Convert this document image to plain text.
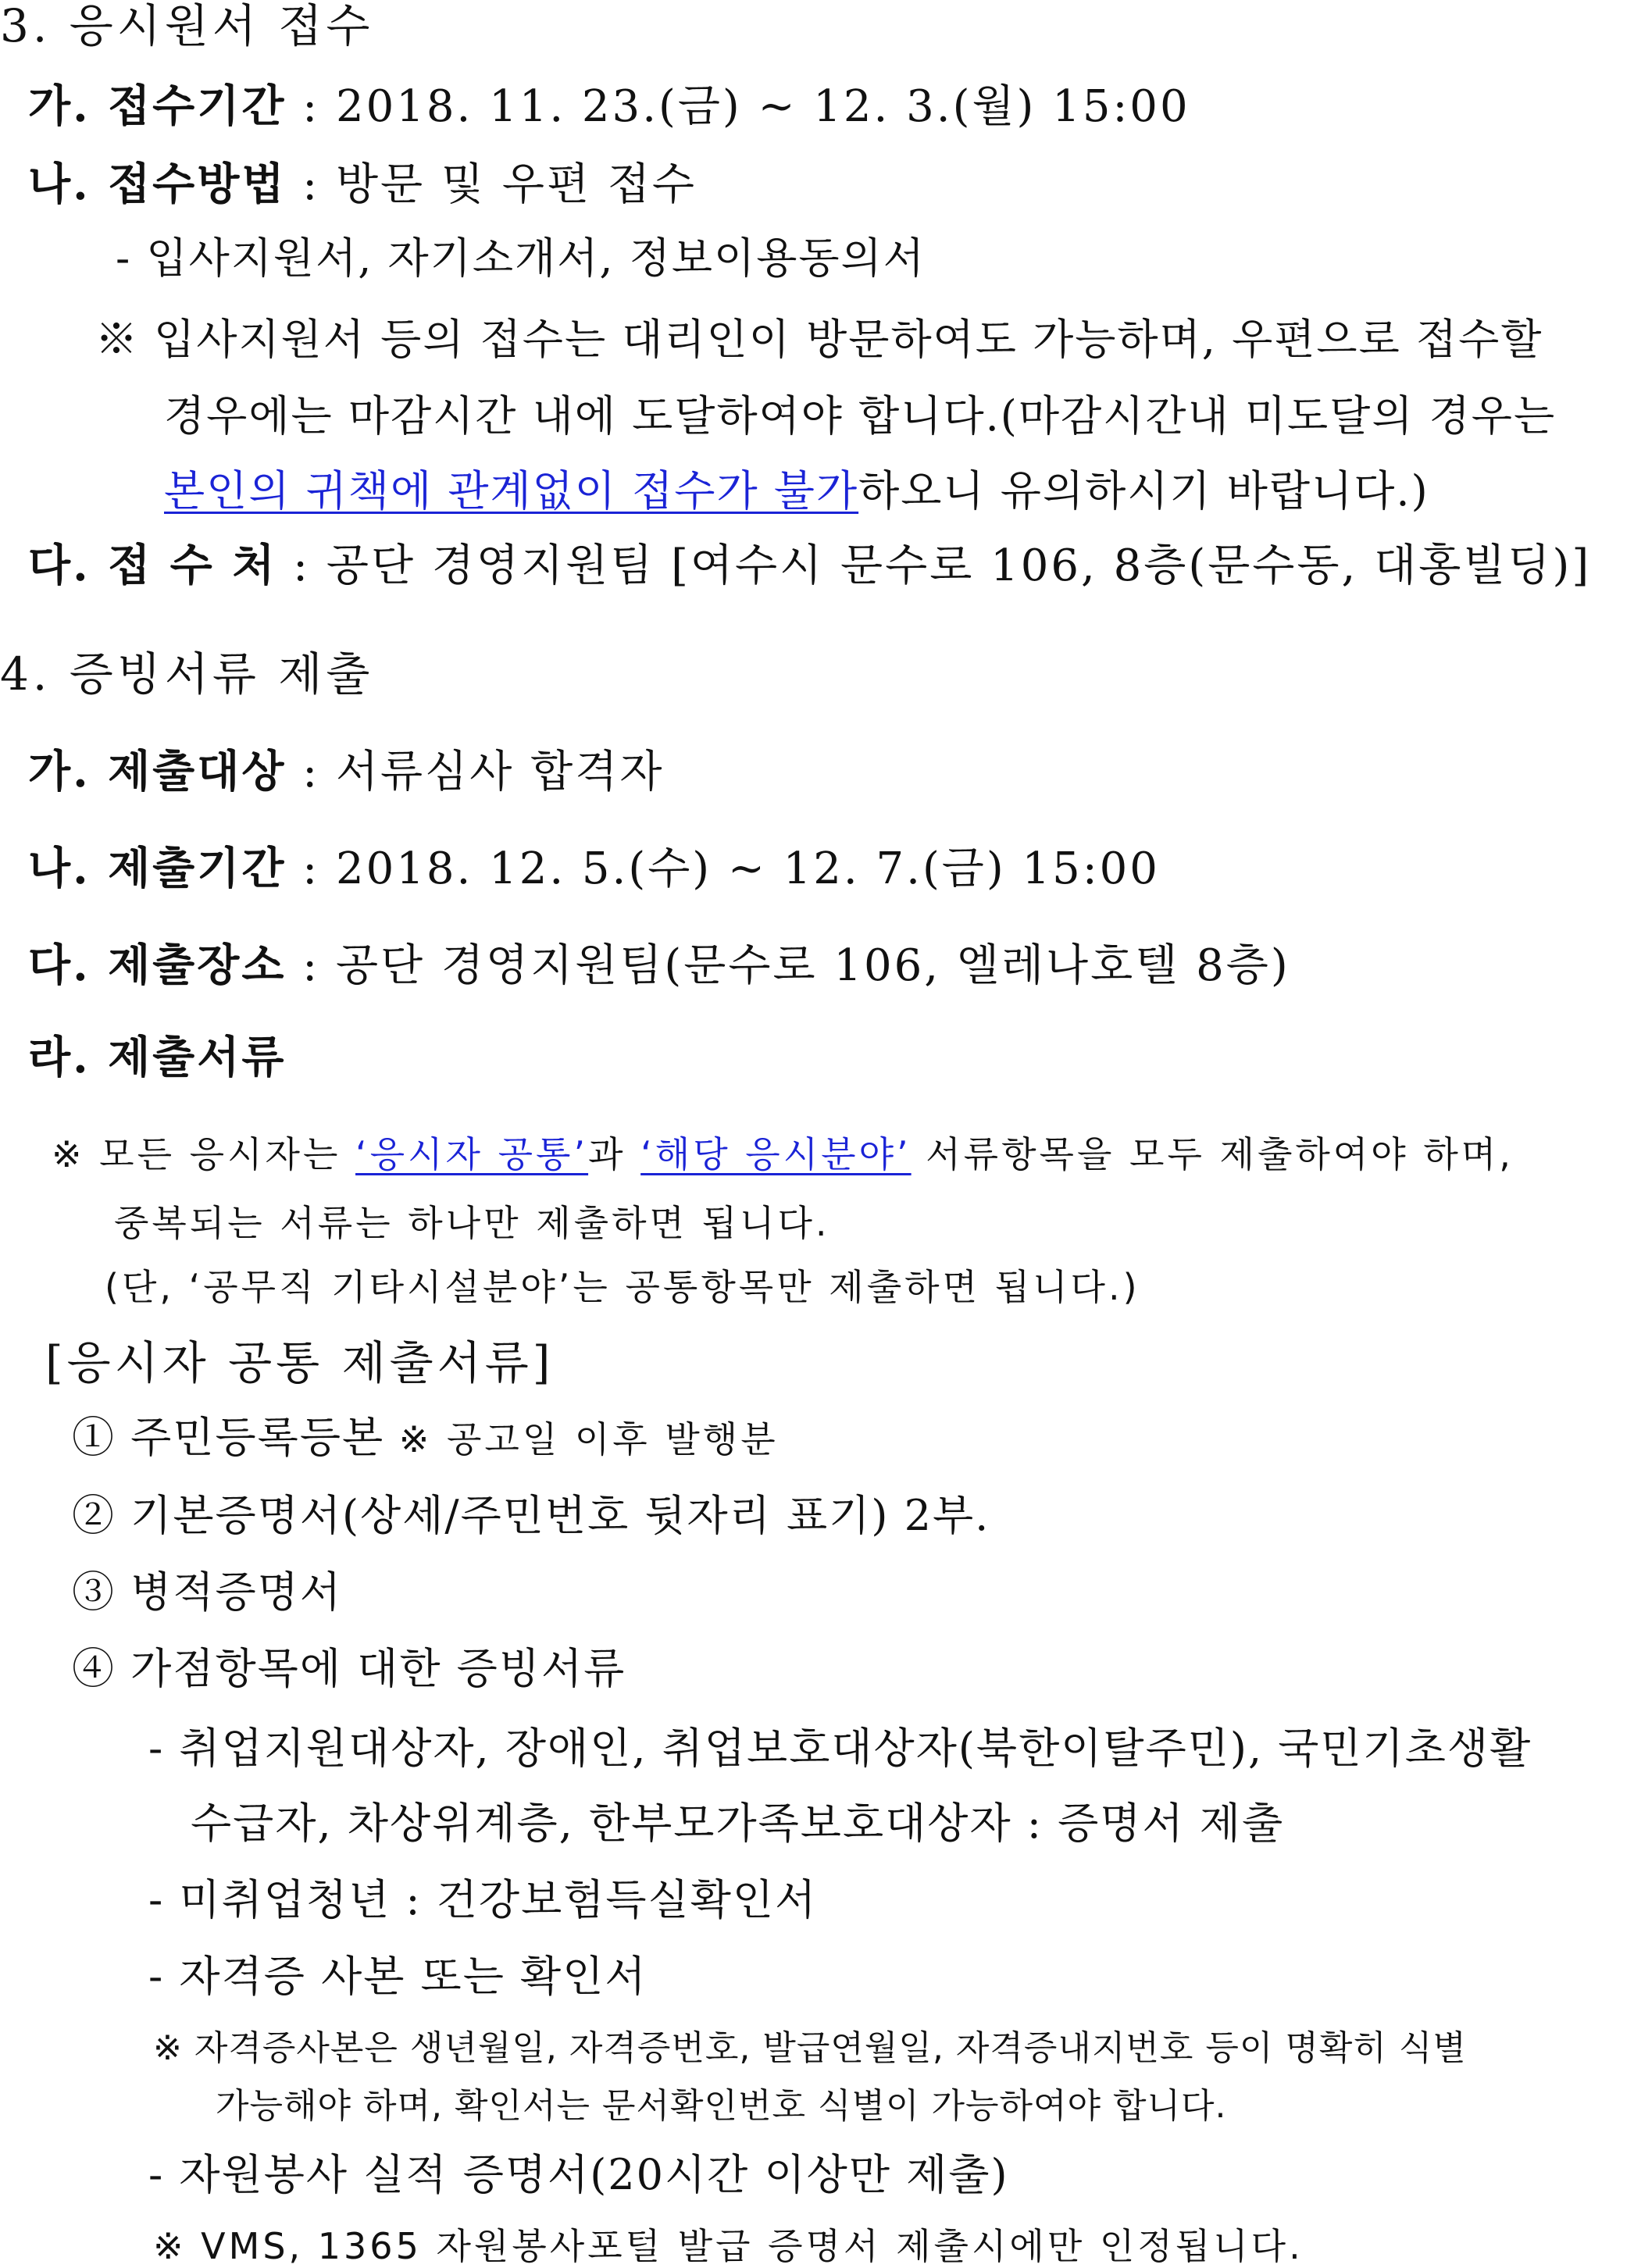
3. 응시원서 접수
가. 접수기간 : 2018. 11. 23.(금) ~ 12. 3.(월) 15:00
나. 접수방법 : 방문 및 우편 접수
- 입사지원서, 자기소개서, 정보이용동의서
※ 입사지원서 등의 접수는 대리인이 방문하여도 가능하며, 우편으로 접수할
경우에는 마감시간 내에 도달하여야 합니다.(마감시간내 미도달의 경우는
본인의 귀책에 관계없이 접수가 불가하오니 유의하시기 바랍니다.)
다. 접 수 처 : 공단 경영지원팀 [여수시 문수로 106, 8층(문수동, 대홍빌딩)]
4. 증빙서류 제출
가. 제출대상 : 서류심사 합격자
나. 제출기간 : 2018. 12. 5.(수) ~ 12. 7.(금) 15:00
다. 제출장소 : 공단 경영지원팀(문수로 106, 엘레나호텔 8층)
라. 제출서류
※ 모든 응시자는 ‘응시자 공통’과 ‘해당 응시분야’ 서류항목을 모두 제출하여야 하며,
중복되는 서류는 하나만 제출하면 됩니다.
(단, ‘공무직 기타시설분야’는 공통항목만 제출하면 됩니다.)
[응시자 공통 제출서류]
① 주민등록등본 ※ 공고일 이후 발행분
② 기본증명서(상세/주민번호 뒷자리 표기) 2부.
③ 병적증명서
④ 가점항목에 대한 증빙서류
- 취업지원대상자, 장애인, 취업보호대상자(북한이탈주민), 국민기초생활
수급자, 차상위계층, 한부모가족보호대상자 : 증명서 제출
- 미취업청년 : 건강보험득실확인서
- 자격증 사본 또는 확인서
※ 자격증사본은 생년월일, 자격증번호, 발급연월일, 자격증내지번호 등이 명확히 식별
가능해야 하며, 확인서는 문서확인번호 식별이 가능하여야 합니다.
- 자원봉사 실적 증명서(20시간 이상만 제출)
※ VMS, 1365 자원봉사포털 발급 증명서 제출시에만 인정됩니다.
